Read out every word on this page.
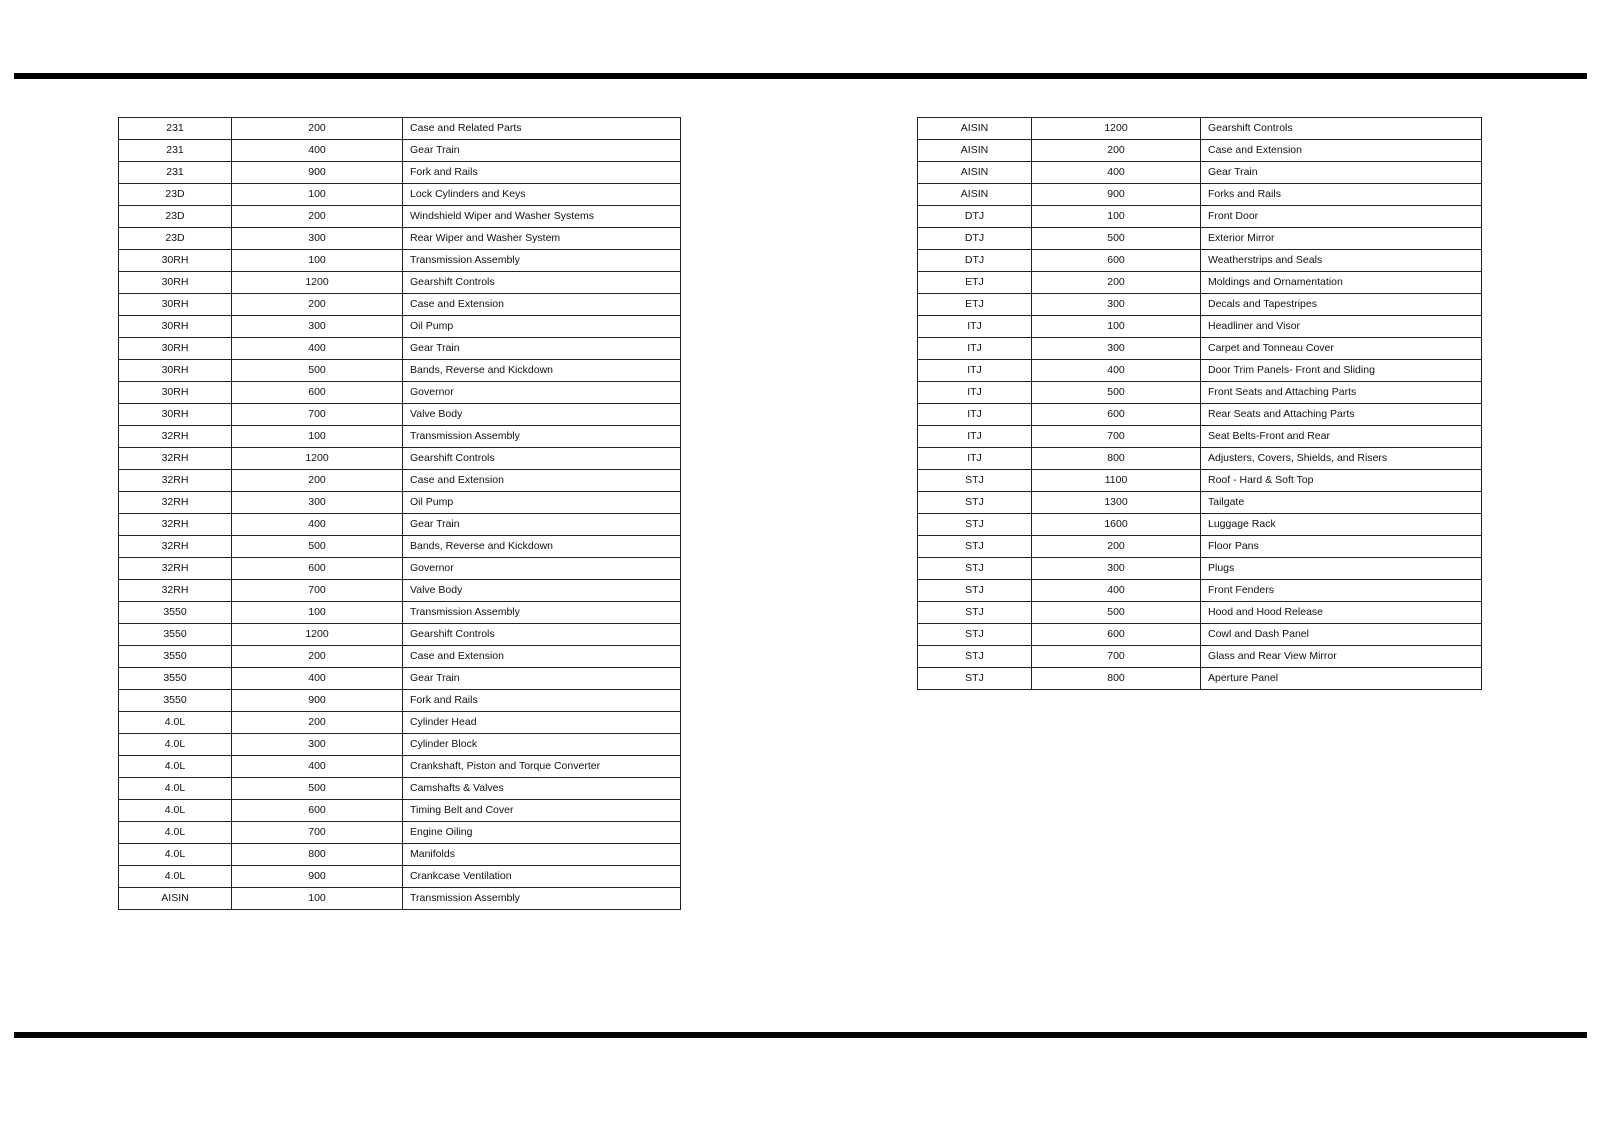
231	200	Case and Related Parts
231	400	Gear Train
231	900	Fork and Rails
23D	100	Lock Cylinders and Keys
23D	200	Windshield Wiper and Washer Systems
23D	300	Rear Wiper and Washer System
30RH	100	Transmission Assembly
30RH	1200	Gearshift Controls
30RH	200	Case and Extension
30RH	300	Oil Pump
30RH	400	Gear Train
30RH	500	Bands, Reverse and Kickdown
30RH	600	Governor
30RH	700	Valve Body
32RH	100	Transmission Assembly
32RH	1200	Gearshift Controls
32RH	200	Case and Extension
32RH	300	Oil Pump
32RH	400	Gear Train
32RH	500	Bands, Reverse and Kickdown
32RH	600	Governor
32RH	700	Valve Body
3550	100	Transmission Assembly
3550	1200	Gearshift Controls
3550	200	Case and Extension
3550	400	Gear Train
3550	900	Fork and Rails
4.0L	200	Cylinder Head
4.0L	300	Cylinder Block
4.0L	400	Crankshaft, Piston and Torque Converter
4.0L	500	Camshafts & Valves
4.0L	600	Timing Belt and Cover
4.0L	700	Engine Oiling
4.0L	800	Manifolds
4.0L	900	Crankcase Ventilation
AISIN	100	Transmission Assembly
AISIN	1200	Gearshift Controls
AISIN	200	Case and Extension
AISIN	400	Gear Train
AISIN	900	Forks and Rails
DTJ	100	Front Door
DTJ	500	Exterior Mirror
DTJ	600	Weatherstrips and Seals
ETJ	200	Moldings and Ornamentation
ETJ	300	Decals and Tapestripes
ITJ	100	Headliner and Visor
ITJ	300	Carpet and Tonneau Cover
ITJ	400	Door Trim Panels- Front and Sliding
ITJ	500	Front Seats and Attaching Parts
ITJ	600	Rear Seats and Attaching Parts
ITJ	700	Seat Belts-Front and Rear
ITJ	800	Adjusters, Covers, Shields, and Risers
STJ	1100	Roof - Hard & Soft Top
STJ	1300	Tailgate
STJ	1600	Luggage Rack
STJ	200	Floor Pans
STJ	300	Plugs
STJ	400	Front Fenders
STJ	500	Hood and Hood Release
STJ	600	Cowl and Dash Panel
STJ	700	Glass and Rear View Mirror
STJ	800	Aperture Panel
